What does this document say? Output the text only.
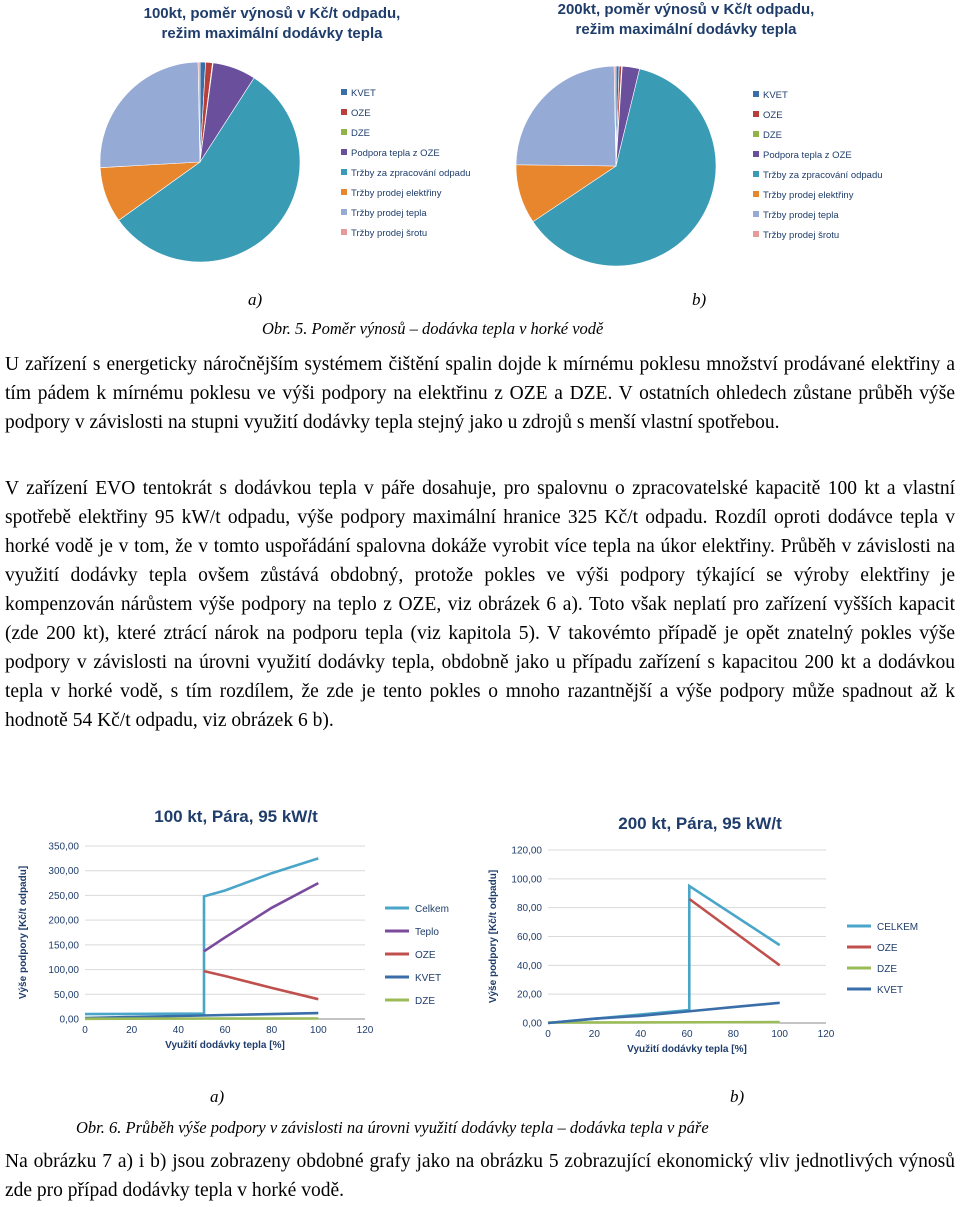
100kt, poměr výnosů v Kč/t odpadu,
režim maximální dodávky tepla
KVET
OZE
DZE
Podpora tepla z OZE
Tržby za zpracování odpadu
Tržby prodej elektřiny
Tržby prodej tepla
Tržby prodej šrotu
200kt, poměr výnosů v Kč/t odpadu,
režim maximální dodávky tepla
KVET
OZE
DZE
Podpora tepla z OZE
Tržby za zpracování odpadu
Tržby prodej elektřiny
Tržby prodej tepla
Tržby prodej šrotu
a)	b)
Obr. 5. Poměr výnosů – dodávka tepla v horké vodě

U zařízení s energeticky náročnějším systémem čištění spalin dojde k mírnému poklesu množství prodávané elektřiny a tím pádem k mírnému poklesu ve výši podpory na elektřinu z OZE a DZE. V ostatních ohledech zůstane průběh výše podpory v závislosti na stupni využití dodávky tepla stejný jako u zdrojů s menší vlastní spotřebou.

V zařízení EVO tentokrát s dodávkou tepla v páře dosahuje, pro spalovnu o zpracovatelské kapacitě 100 kt a vlastní spotřebě elektřiny 95 kW/t odpadu, výše podpory maximální hranice 325 Kč/t odpadu. Rozdíl oproti dodávce tepla v horké vodě je v tom, že v tomto uspořádání spalovna dokáže vyrobit více tepla na úkor elektřiny. Průběh v závislosti na využití dodávky tepla ovšem zůstává obdobný, protože pokles ve výši podpory týkající se výroby elektřiny je kompenzován nárůstem výše podpory na teplo z OZE, viz obrázek 6 a). Toto však neplatí pro zařízení vyšších kapacit (zde 200 kt), které ztrácí nárok na podporu tepla (viz kapitola 5). V takovémto případě je opět znatelný pokles výše podpory v závislosti na úrovni využití dodávky tepla, obdobně jako u případu zařízení s kapacitou 200 kt a dodávkou tepla v horké vodě, s tím rozdílem, že zde je tento pokles o mnoho razantnější a výše podpory může spadnout až k hodnotě 54 Kč/t odpadu, viz obrázek 6 b).

100 kt, Pára, 95 kW/t
0,00
50,00
100,00
150,00
200,00
250,00
300,00
350,00
0	20	40	60	80	100	120
Využití dodávky tepla [%]
Výše podpory [Kč/t odpadu]	Celkem
Teplo
OZE
KVET
DZE
200 kt, Pára, 95 kW/t
0,00
20,00
40,00
60,00
80,00
100,00
120,00
0	20	40	60	80	100	120
Využití dodávky tepla [%]
Výše podpory [Kč/t odpadu]	CELKEM
OZE
DZE
KVET
a)	b)
Obr. 6. Průběh výše podpory v závislosti na úrovni využití dodávky tepla – dodávka tepla v páře

Na obrázku 7 a) i b) jsou zobrazeny obdobné grafy jako na obrázku 5 zobrazující ekonomický vliv jednotlivých výnosů zde pro případ dodávky tepla v horké vodě.
